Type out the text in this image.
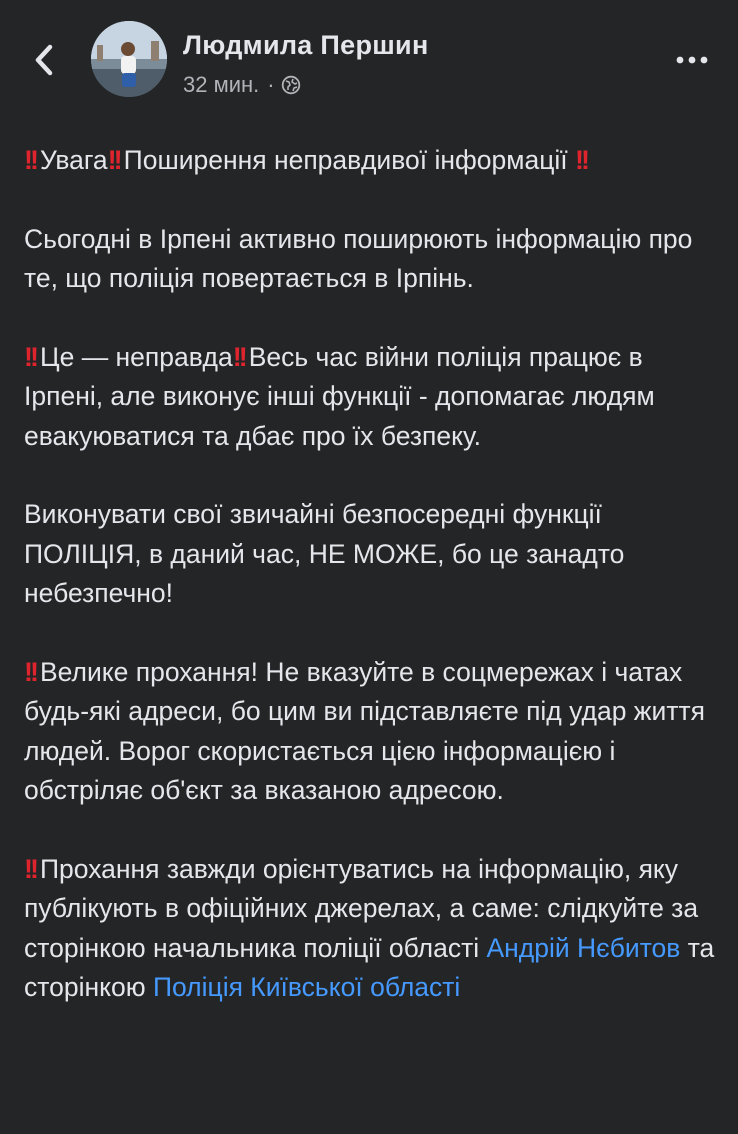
Людмила Першин
32 мин. ·

!! Увага!! Поширення неправдивої інформації !!

Сьогодні в Ірпені активно поширюють інформацію про те, що поліція повертається в Ірпінь.

!! Це — неправда!! Весь час війни поліція працює в Ірпені, але виконує інші функції - допомагає людям евакуюватися та дбає про їх безпеку.

Виконувати свої звичайні безпосередні функції ПОЛІЦІЯ, в даний час, НЕ МОЖЕ, бо це занадто небезпечно!

!! Велике прохання! Не вказуйте в соцмережах і чатах будь-які адреси, бо цим ви підставляєте під удар життя людей. Ворог скористається цією інформацією і обстріляє об'єкт за вказаною адресою.

!! Прохання завжди орієнтуватись на інформацію, яку публікують в офіційних джерелах, а саме: слідкуйте за сторінкою начальника поліції області Андрій Нєбитов та сторінкою Поліція Київської області
